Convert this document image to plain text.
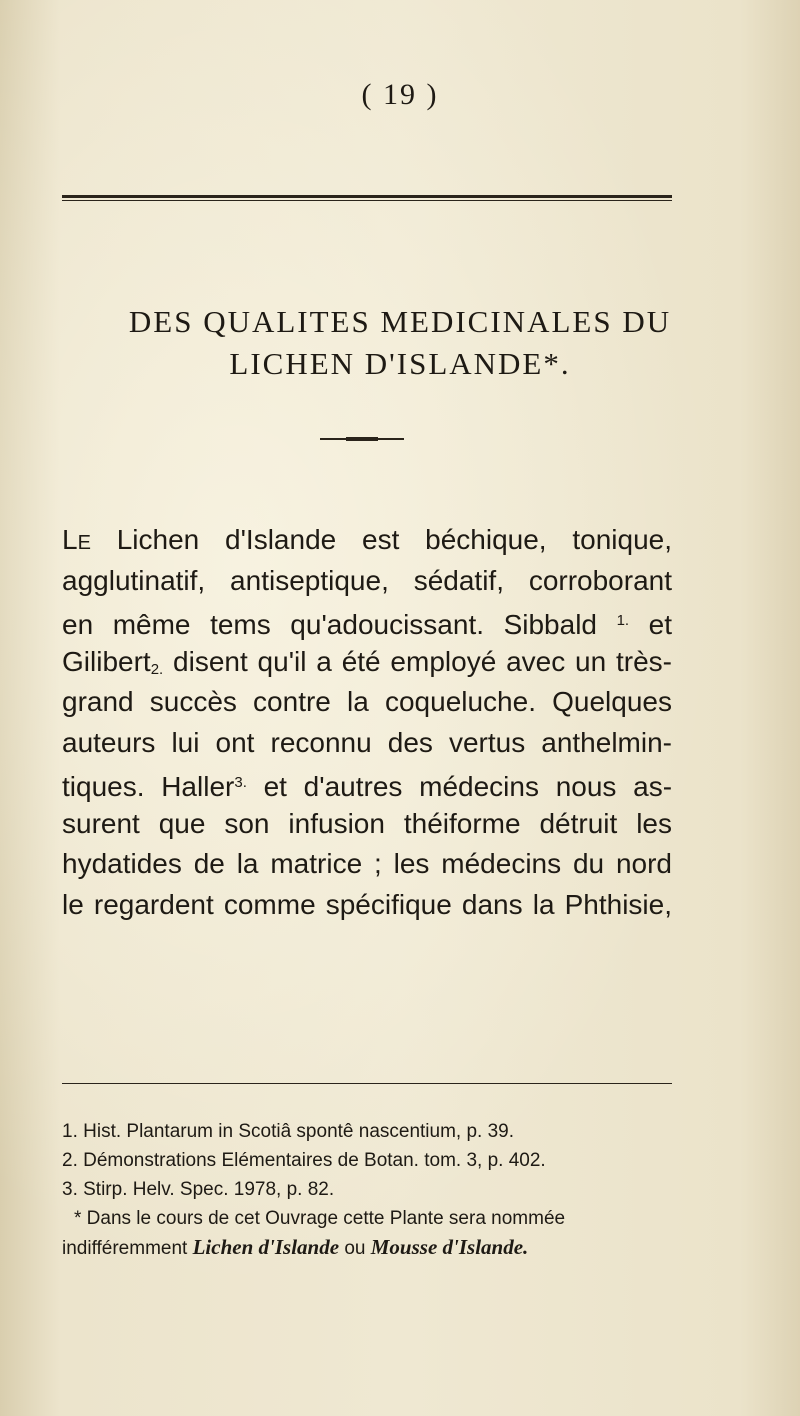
( 19 )
DES QUALITES MEDICINALES DU
LICHEN D'ISLANDE*.
Le Lichen d'Islande est béchique, tonique,
agglutinatif, antiseptique, sédatif, corroborant
en même tems qu'adoucissant. Sibbald $^{1.}$ et
Gilibert$_{2.}$ disent qu'il a été employé avec un très-
grand succès contre la coqueluche. Quelques
auteurs lui ont reconnu des vertus anthelmin-
tiques. Haller$^{3.}$ et d'autres médecins nous as-
surent que son infusion théiforme détruit les
hydatides de la matrice ; les médecins du nord
le regardent comme spécifique dans la Phthisie,
1. Hist. Plantarum in Scotiâ spontê nascentium, p. 39.
2. Démonstrations Elémentaires de Botan. tom. 3, p. 402.
3. Stirp. Helv. Spec. 1978, p. 82.
* Dans le cours de cet Ouvrage cette Plante sera nommée
indifféremment Lichen d'Islande ou Mousse d'Islande.
